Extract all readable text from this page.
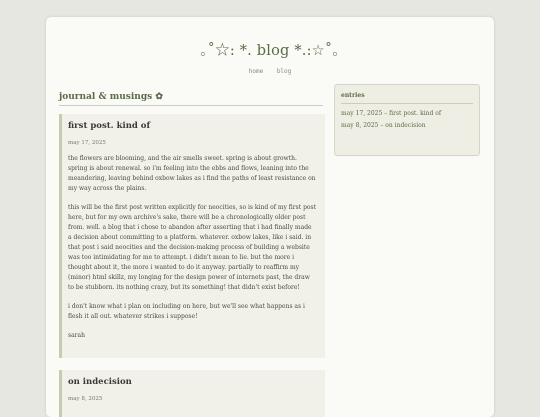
｡˚☆: *. blog *.:☆˚｡
home blog
journal & musings ✿
first post. kind of
may 17, 2025

the flowers are blooming, and the air smells sweet. spring is about growth. spring is about renewal. so i'm feeling into the ebbs and flows, leaning into the meandering, leaving behind oxbow lakes as i find the paths of least resistance on my way across the plains.

this will be the first post written explicitly for neocities, so is kind of my first post here, but for my own archive's sake, there will be a chronologically older post from. well. a blog that i chose to abandon after asserting that i had finally made a decision about committing to a platform. whatever. oxbow lakes, like i said. in that post i said neocities and the decision-making process of building a website was too intimidating for me to attempt. i didn't mean to lie. but the more i thought about it, the more i wanted to do it anyway. partially to reaffirm my (minor) html skillz, my longing for the design power of internets past, the draw to be stubborn. its nothing crazy, but its something! that didn't exist before!

i don't know what i plan on including on here, but we'll see what happens as i flesh it all out. whatever strikes i suppose!

sarah

on indecision
may 8, 2025
entries
may 17, 2025 – first post. kind of
may 8, 2025 – on indecision
